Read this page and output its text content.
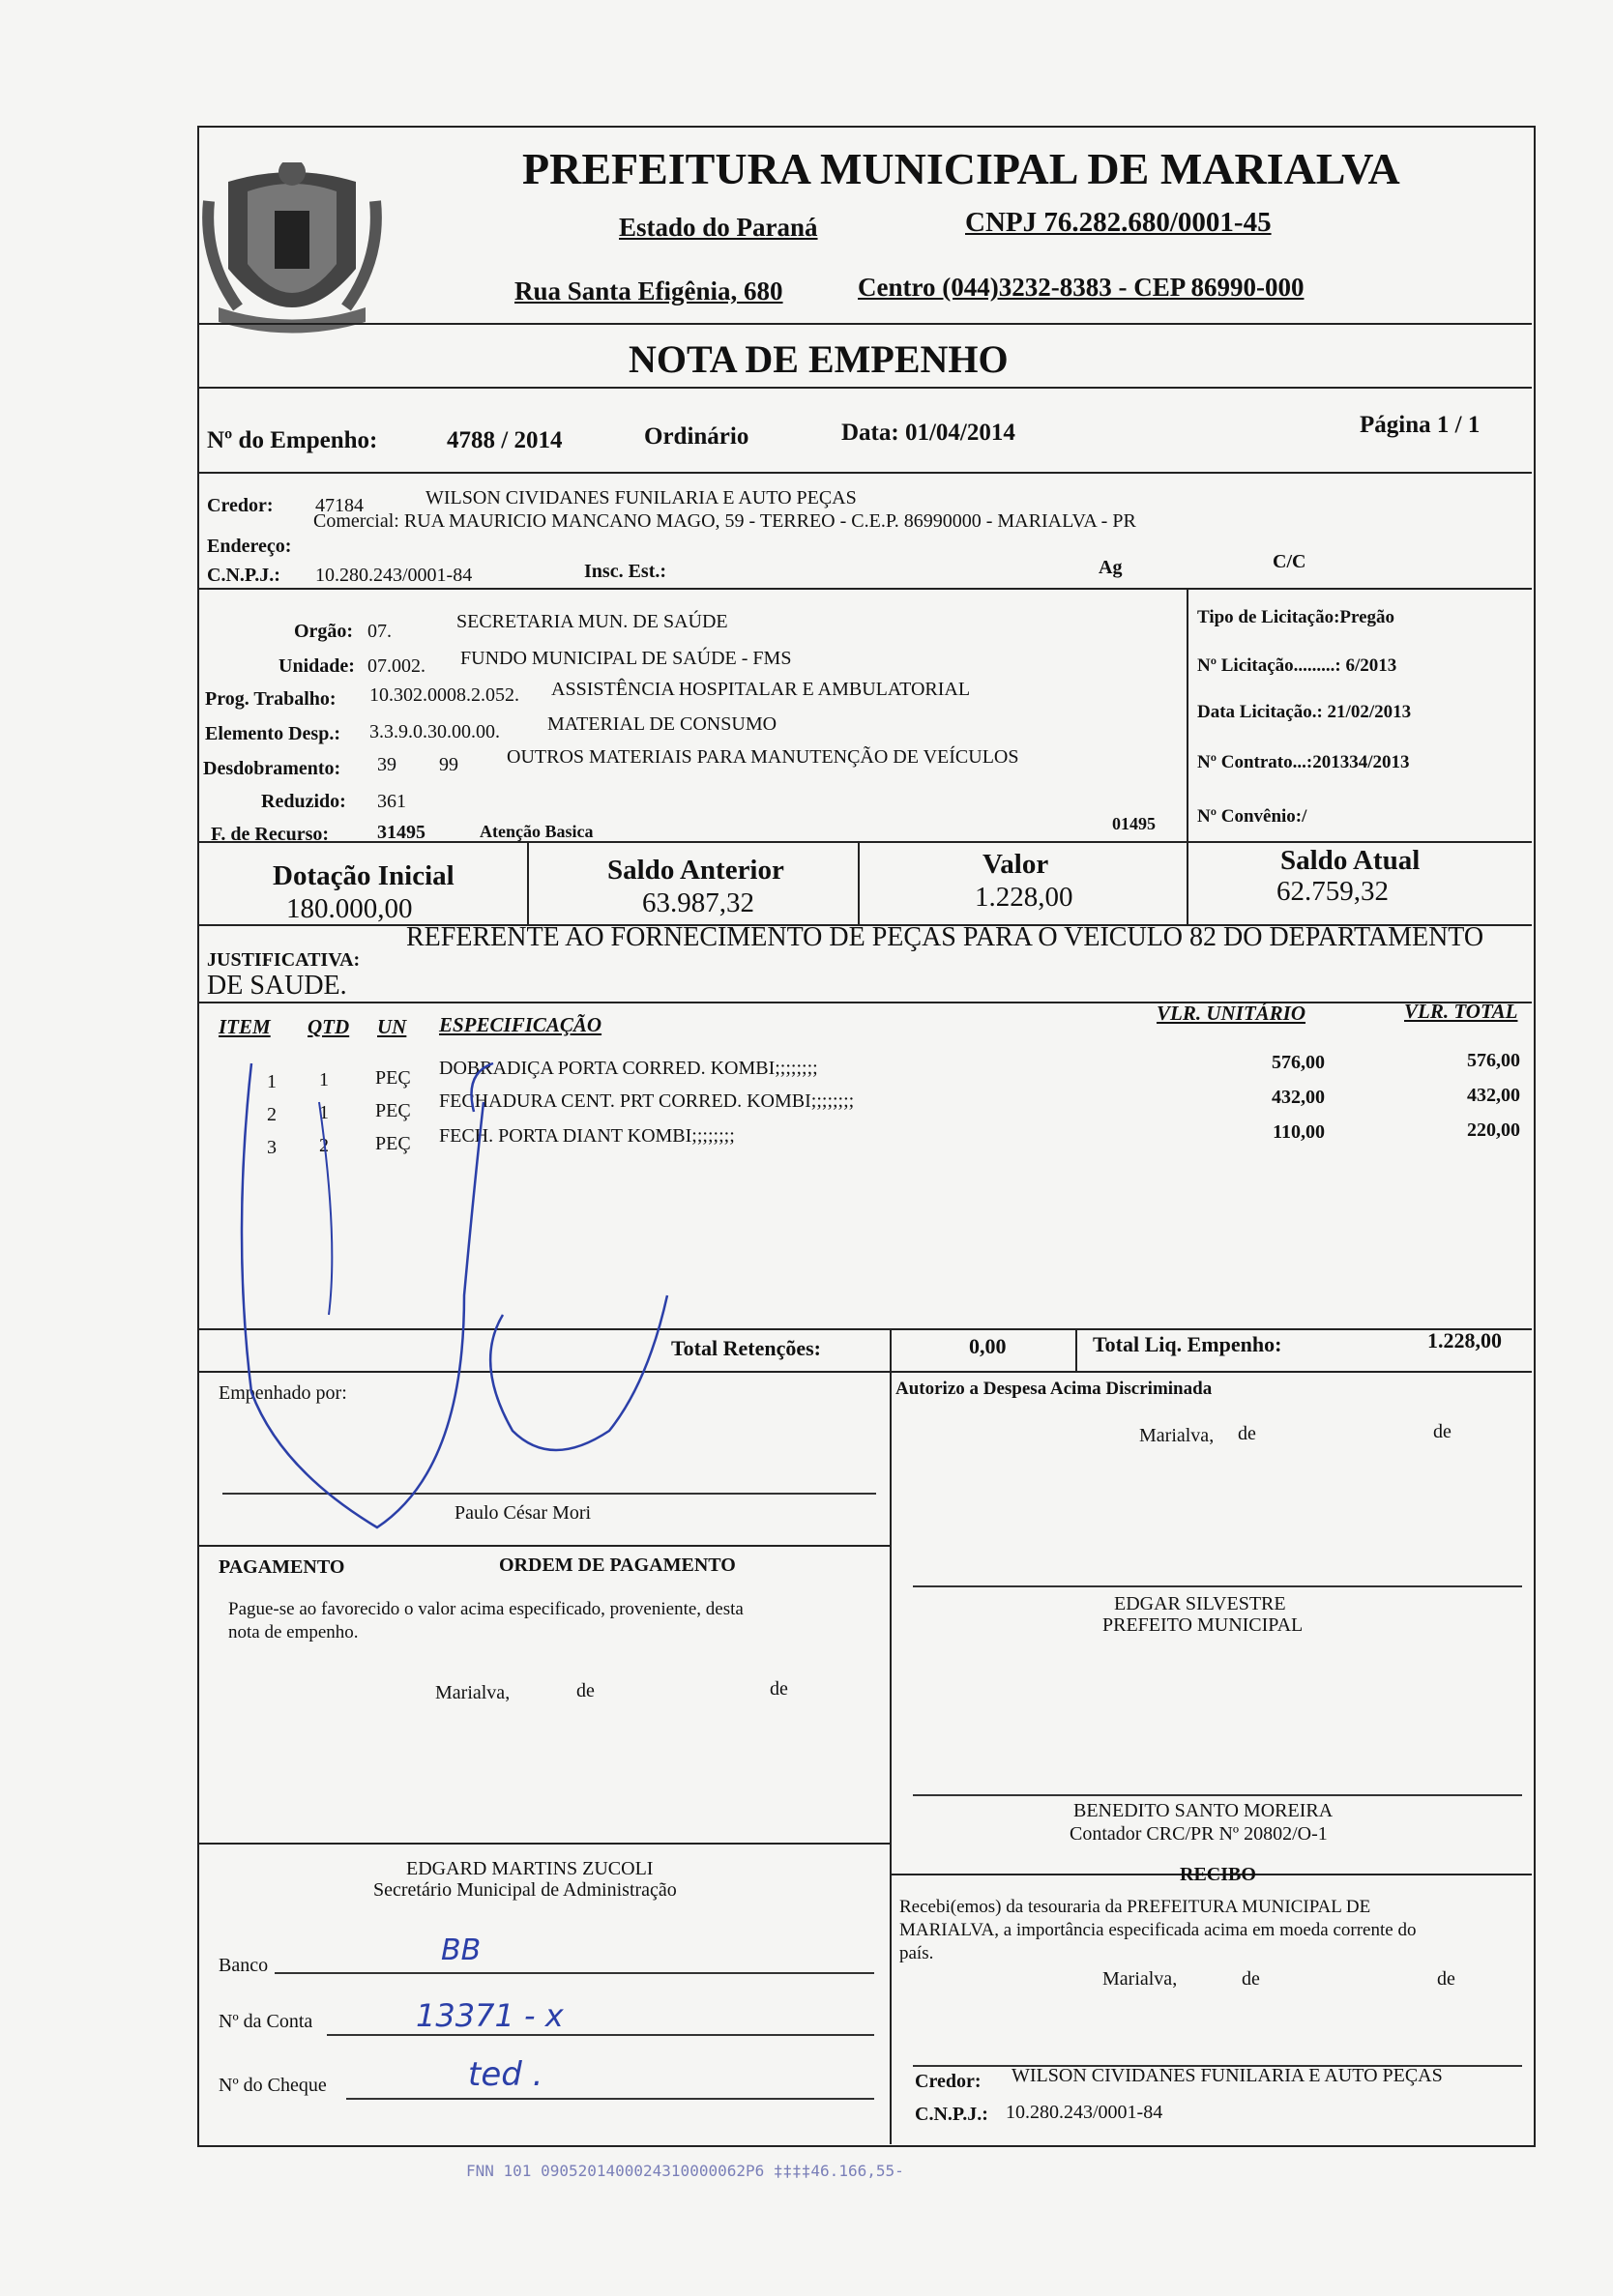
PREFEITURA MUNICIPAL DE MARIALVA
Estado do Paraná	CNPJ 76.282.680/0001-45
Rua Santa Efigênia, 680	Centro (044)3232-8383 - CEP 86990-000
NOTA DE EMPENHO
Nº do Empenho:	4788 / 2014	Ordinário	Data: 01/04/2014	Página 1 / 1
Credor: 47184	WILSON CIVIDANES FUNILARIA E AUTO PEÇAS
Endereço:
Comercial: RUA MAURICIO MANCANO MAGO, 59 - TERREO - C.E.P. 86990000 - MARIALVA - PR
C.N.P.J.: 10.280.243/0001-84	Insc. Est.:	Ag	C/C
Orgão: 07.	SECRETARIA MUN. DE SAÚDE
Unidade: 07.002. FUNDO MUNICIPAL DE SAÚDE - FMS
Prog. Trabalho: 10.302.0008.2.052. ASSISTÊNCIA HOSPITALAR E AMBULATORIAL
Elemento Desp.: 3.3.9.0.30.00.00. MATERIAL DE CONSUMO
Desdobramento: 39 99	OUTROS MATERIAIS PARA MANUTENÇÃO DE VEÍCULOS
Reduzido: 361
F. de Recurso: 31495	Atenção Basica	01495
Tipo de Licitação:Pregão
Nº Licitação.........: 6/2013
Data Licitação.: 21/02/2013
Nº Contrato...:201334/2013
Nº Convênio:/
Dotação Inicial
180.000,00
Saldo Anterior
63.987,32
Valor
1.228,00
Saldo Atual
62.759,32
JUSTIFICATIVA:
REFERENTE AO FORNECIMENTO DE PEÇAS PARA O VEICULO 82 DO DEPARTAMENTO
DE SAUDE.
ITEM QTD UN ESPECIFICAÇÃO	VLR. UNITÁRIO	VLR. TOTAL
1 1 PEÇ DOBRADIÇA PORTA CORRED. KOMBI;;;;;;;;	576,00	576,00
2 1 PEÇ FECHADURA CENT. PRT CORRED. KOMBI;;;;;;;;	432,00	432,00
3 2 PEÇ FECH. PORTA DIANT KOMBI;;;;;;;;	110,00	220,00
Total Retenções:	0,00	Total Liq. Empenho:	1.228,00
Empenhado por:
Paulo César Mori
Autorizo a Despesa Acima Discriminada
Marialva, de	de
EDGAR SILVESTRE
PREFEITO MUNICIPAL
BENEDITO SANTO MOREIRA
Contador CRC/PR Nº 20802/O-1
PAGAMENTO	ORDEM DE PAGAMENTO
Pague-se ao favorecido o valor acima especificado, proveniente, desta
nota de empenho.
Marialva,	de	de
EDGARD MARTINS ZUCOLI
Secretário Municipal de Administração
Banco	BB
Nº da Conta	13371 - x
Nº do Cheque	ted .
RECIBO
Recebi(emos) da tesouraria da PREFEITURA MUNICIPAL DE
MARIALVA, a importância especificada acima em moeda corrente do
país.
Marialva,	de	de
Credor: WILSON CIVIDANES FUNILARIA E AUTO PEÇAS
C.N.P.J.: 10.280.243/0001-84
FNN 101 0905201400024310000062P6 ‡‡‡‡46.166,55-
